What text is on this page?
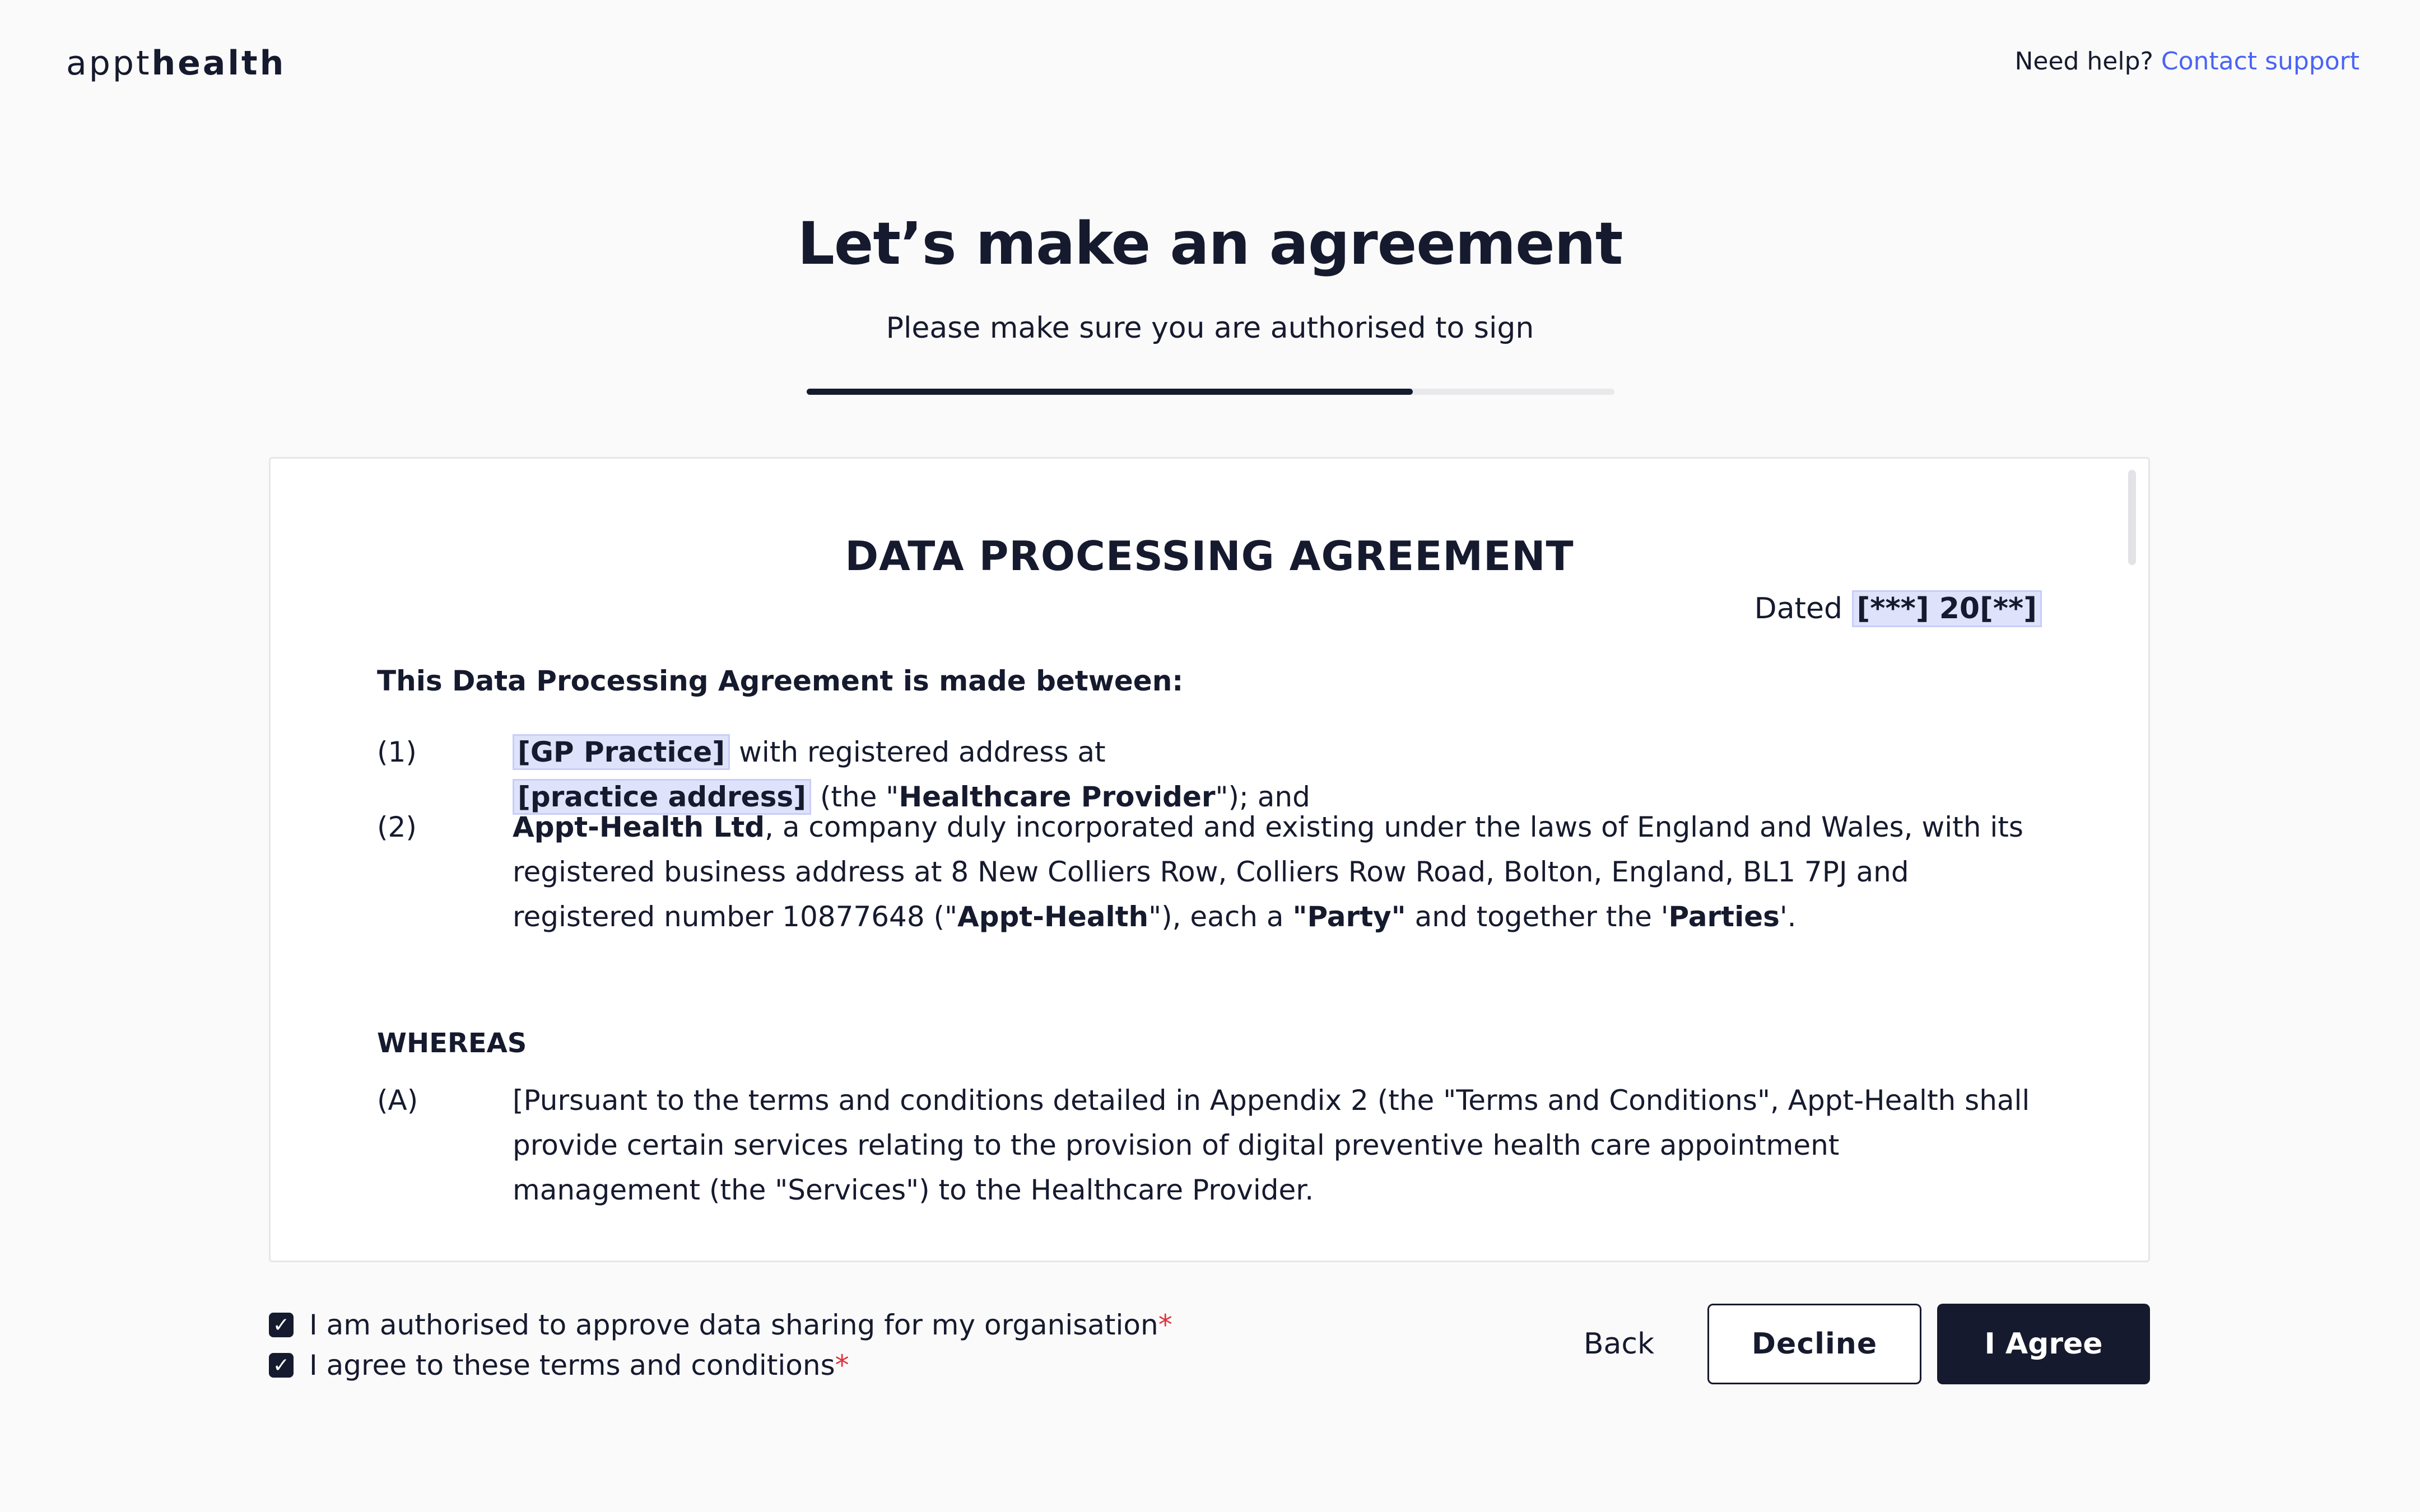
appthealth	Need help? Contact support
Let’s make an agreement
Please make sure you are authorised to sign
DATA PROCESSING AGREEMENT
Dated [***] 20[**]
This Data Processing Agreement is made between:
(1)	[GP Practice] with registered address at
[practice address] (the "Healthcare Provider"); and
(2)	Appt-Health Ltd, a company duly incorporated and existing under the laws of England and Wales, with its registered business address at 8 New Colliers Row, Colliers Row Road, Bolton, England, BL1 7PJ and registered number 10877648 ("Appt-Health"), each a "Party" and together the 'Parties'.
WHEREAS
(A)	[Pursuant to the terms and conditions detailed in Appendix 2 (the "Terms and Conditions", Appt-Health shall provide certain services relating to the provision of digital preventive health care appointment management (the "Services") to the Healthcare Provider.
✓ I am authorised to approve data sharing for my organisation *
✓ I agree to these terms and conditions *
Back	Decline	I Agree
